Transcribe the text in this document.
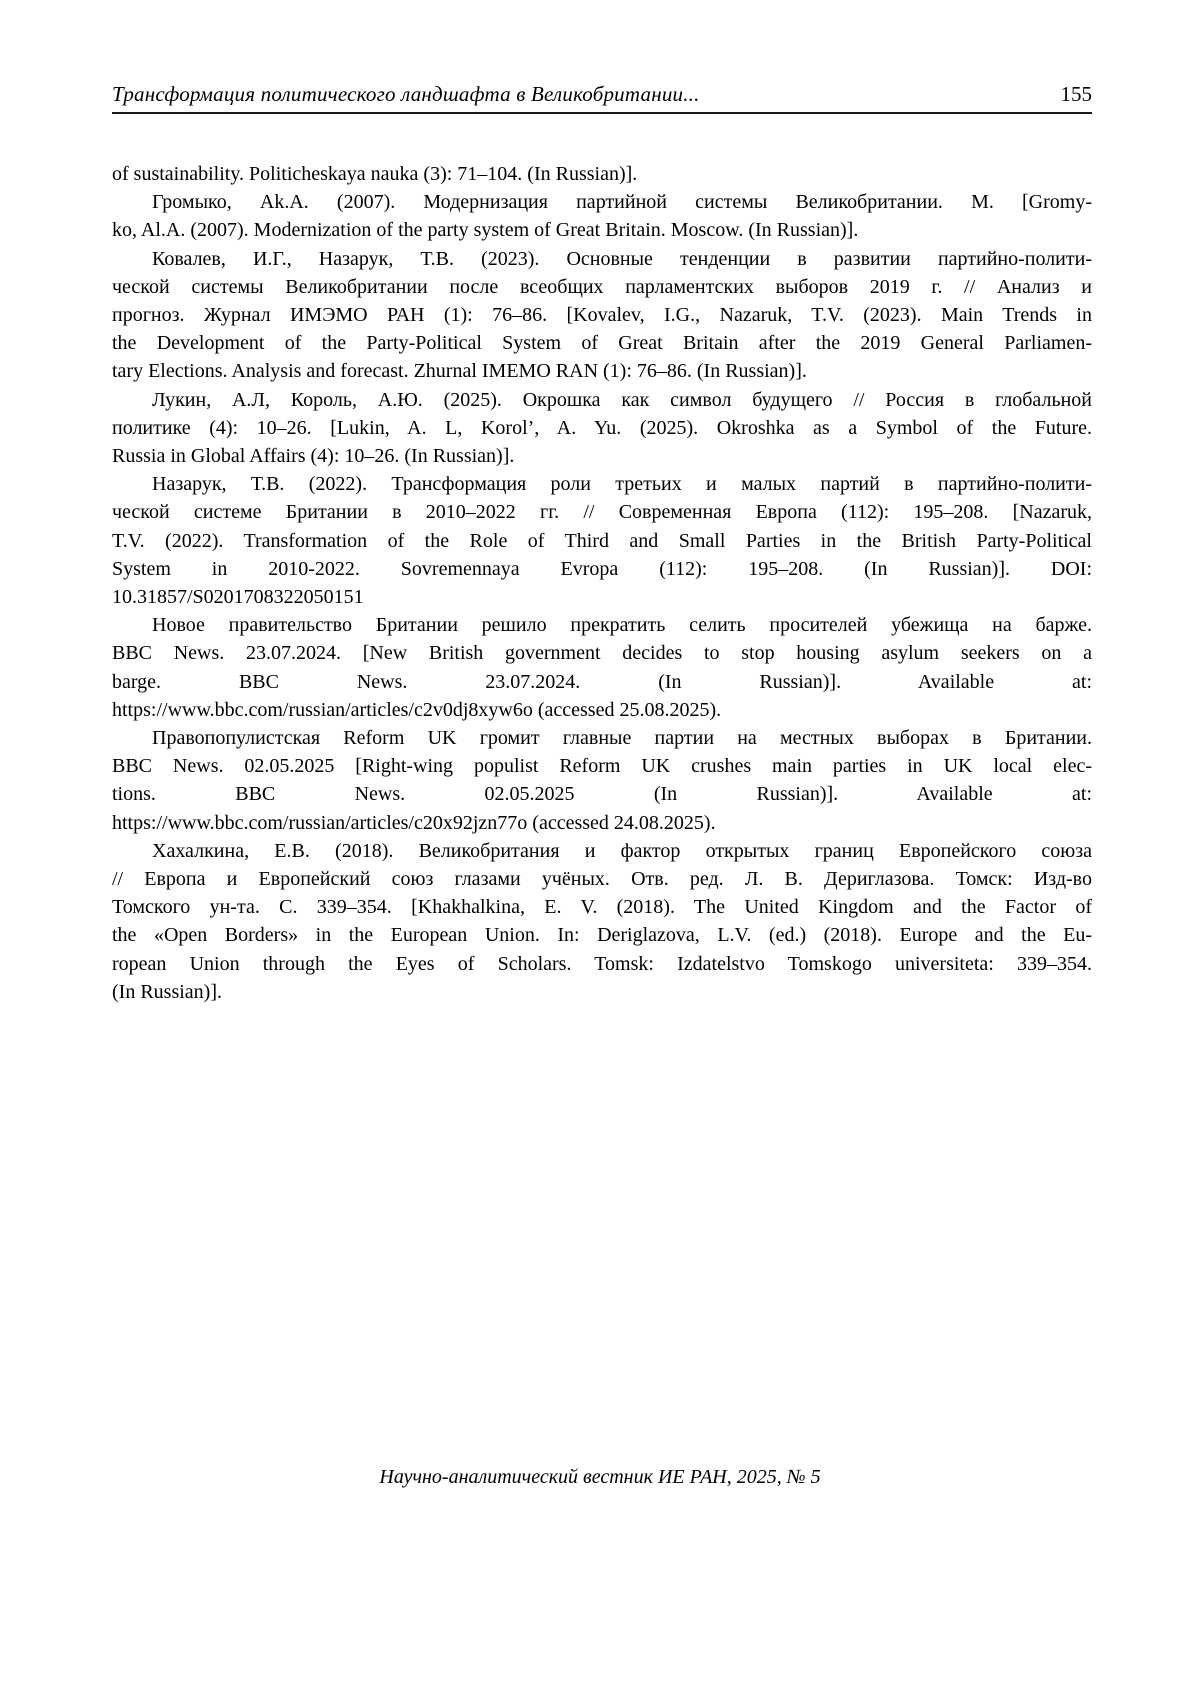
Трансформация политического ландшафта в Великобритании...	155
of sustainability. Politicheskaya nauka (3): 71–104. (In Russian)].
Громыко, Ak.A. (2007). Модернизация партийной системы Великобритании. М. [Gromy-
ko, Al.A. (2007). Modernization of the party system of Great Britain. Moscow. (In Russian)].
Ковалев, И.Г., Назарук, Т.В. (2023). Основные тенденции в развитии партийно-полити-
ческой системы Великобритании после всеобщих парламентских выборов 2019 г. // Анализ и
прогноз. Журнал ИМЭМО РАН (1): 76–86. [Kovalev, I.G., Nazaruk, T.V. (2023). Main Trends in
the Development of the Party-Political System of Great Britain after the 2019 General Parliamen-
tary Elections. Analysis and forecast. Zhurnal IMEMO RAN (1): 76–86. (In Russian)].
Лукин, А.Л, Король, А.Ю. (2025). Окрошка как символ будущего // Россия в глобальной
политике (4): 10–26. [Lukin, A. L, Korol’, A. Yu. (2025). Okroshka as a Symbol of the Future.
Russia in Global Affairs (4): 10–26. (In Russian)].
Назарук, Т.В. (2022). Трансформация роли третьих и малых партий в партийно-полити-
ческой системе Британии в 2010–2022 гг. // Современная Европа (112): 195–208. [Nazaruk,
T.V. (2022). Transformation of the Role of Third and Small Parties in the British Party-Political
System in 2010-2022. Sovremennaya Evropa (112): 195–208. (In Russian)]. DOI:
10.31857/S0201708322050151
Новое правительство Британии решило прекратить селить просителей убежища на барже.
BBC News. 23.07.2024. [New British government decides to stop housing asylum seekers on a
barge. BBC News. 23.07.2024. (In Russian)]. Available at:
https://www.bbc.com/russian/articles/c2v0dj8xyw6o (accessed 25.08.2025).
Правопопулистская Reform UK громит главные партии на местных выборах в Британии.
BBC News. 02.05.2025 [Right-wing populist Reform UK crushes main parties in UK local elec-
tions. BBC News. 02.05.2025 (In Russian)]. Available at:
https://www.bbc.com/russian/articles/c20x92jzn77o (accessed 24.08.2025).
Хахалкина, Е.В. (2018). Великобритания и фактор открытых границ Европейского союза
// Европа и Европейский союз глазами учёных. Отв. ред. Л. В. Дериглазова. Томск: Изд-во
Томского ун-та. С. 339–354. [Khakhalkina, E. V. (2018). The United Kingdom and the Factor of
the «Open Borders» in the European Union. In: Deriglazova, L.V. (ed.) (2018). Europe and the Eu-
ropean Union through the Eyes of Scholars. Tomsk: Izdatelstvo Tomskogo universiteta: 339–354.
(In Russian)].
Научно-аналитический вестник ИЕ РАН, 2025, № 5
